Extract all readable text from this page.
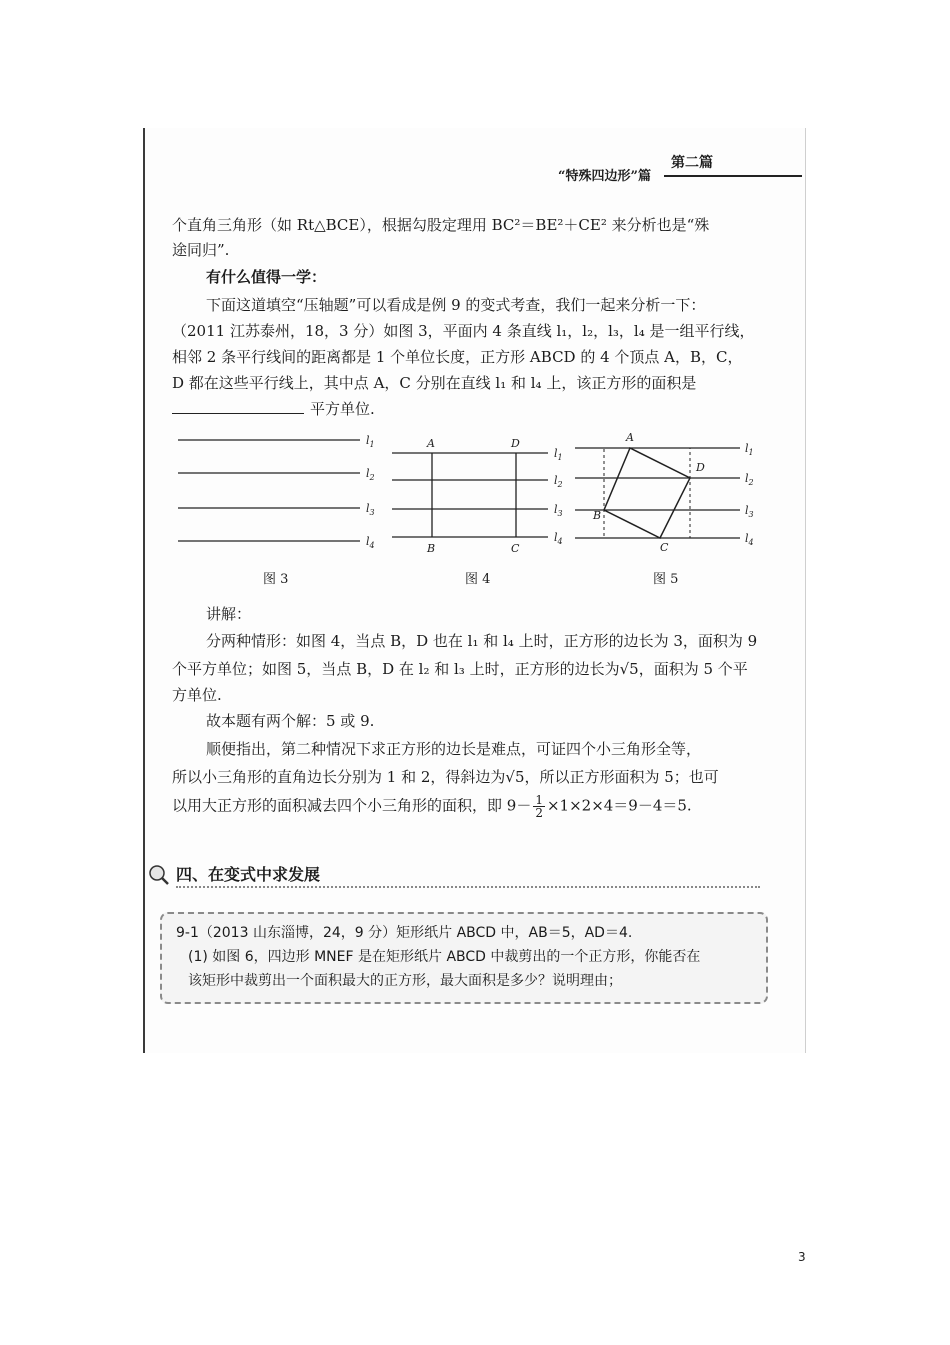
“特殊四边形”篇
第二篇
个直角三角形（如 Rt△BCE），根据勾股定理用 BC²＝BE²＋CE² 来分析也是“殊
途同归”.
有什么值得一学：
下面这道填空“压轴题”可以看成是例 9 的变式考查，我们一起来分析一下：
（2011 江苏泰州，18，3 分）如图 3，平面内 4 条直线 l₁，l₂，l₃，l₄ 是一组平行线，
相邻 2 条平行线间的距离都是 1 个单位长度，正方形 ABCD 的 4 个顶点 A，B，C，
D 都在这些平行线上，其中点 A，C 分别在直线 l₁ 和 l₄ 上，该正方形的面积是
平方单位.
$l_1$
$l_2$
$l_3$
$l_4$
$l_1$
$l_2$
$l_3$
$l_4$
A	D
B	C
$l_1$
$l_2$
$l_3$
$l_4$
A
D
B
C
图 3	图 4	图 5
讲解：
分两种情形：如图 4，当点 B，D 也在 l₁ 和 l₄ 上时，正方形的边长为 3，面积为 9
个平方单位；如图 5，当点 B，D 在 l₂ 和 l₃ 上时，正方形的边长为√5，面积为 5 个平
方单位.
故本题有两个解：5 或 9.
顺便指出，第二种情况下求正方形的边长是难点，可证四个小三角形全等，
所以小三角形的直角边长分别为 1 和 2，得斜边为√5，所以正方形面积为 5；也可
以用大正方形的面积减去四个小三角形的面积，即 $9- \frac{1}{2} \times 1\times 2\times 4=9-4=5$.
四、在变式中求发展
9-1（2013 山东淄博，24，9 分）矩形纸片 ABCD 中，AB＝5，AD＝4.
(1) 如图 6，四边形 MNEF 是在矩形纸片 ABCD 中裁剪出的一个正方形，你能否在
该矩形中裁剪出一个面积最大的正方形，最大面积是多少？说明理由；
3
